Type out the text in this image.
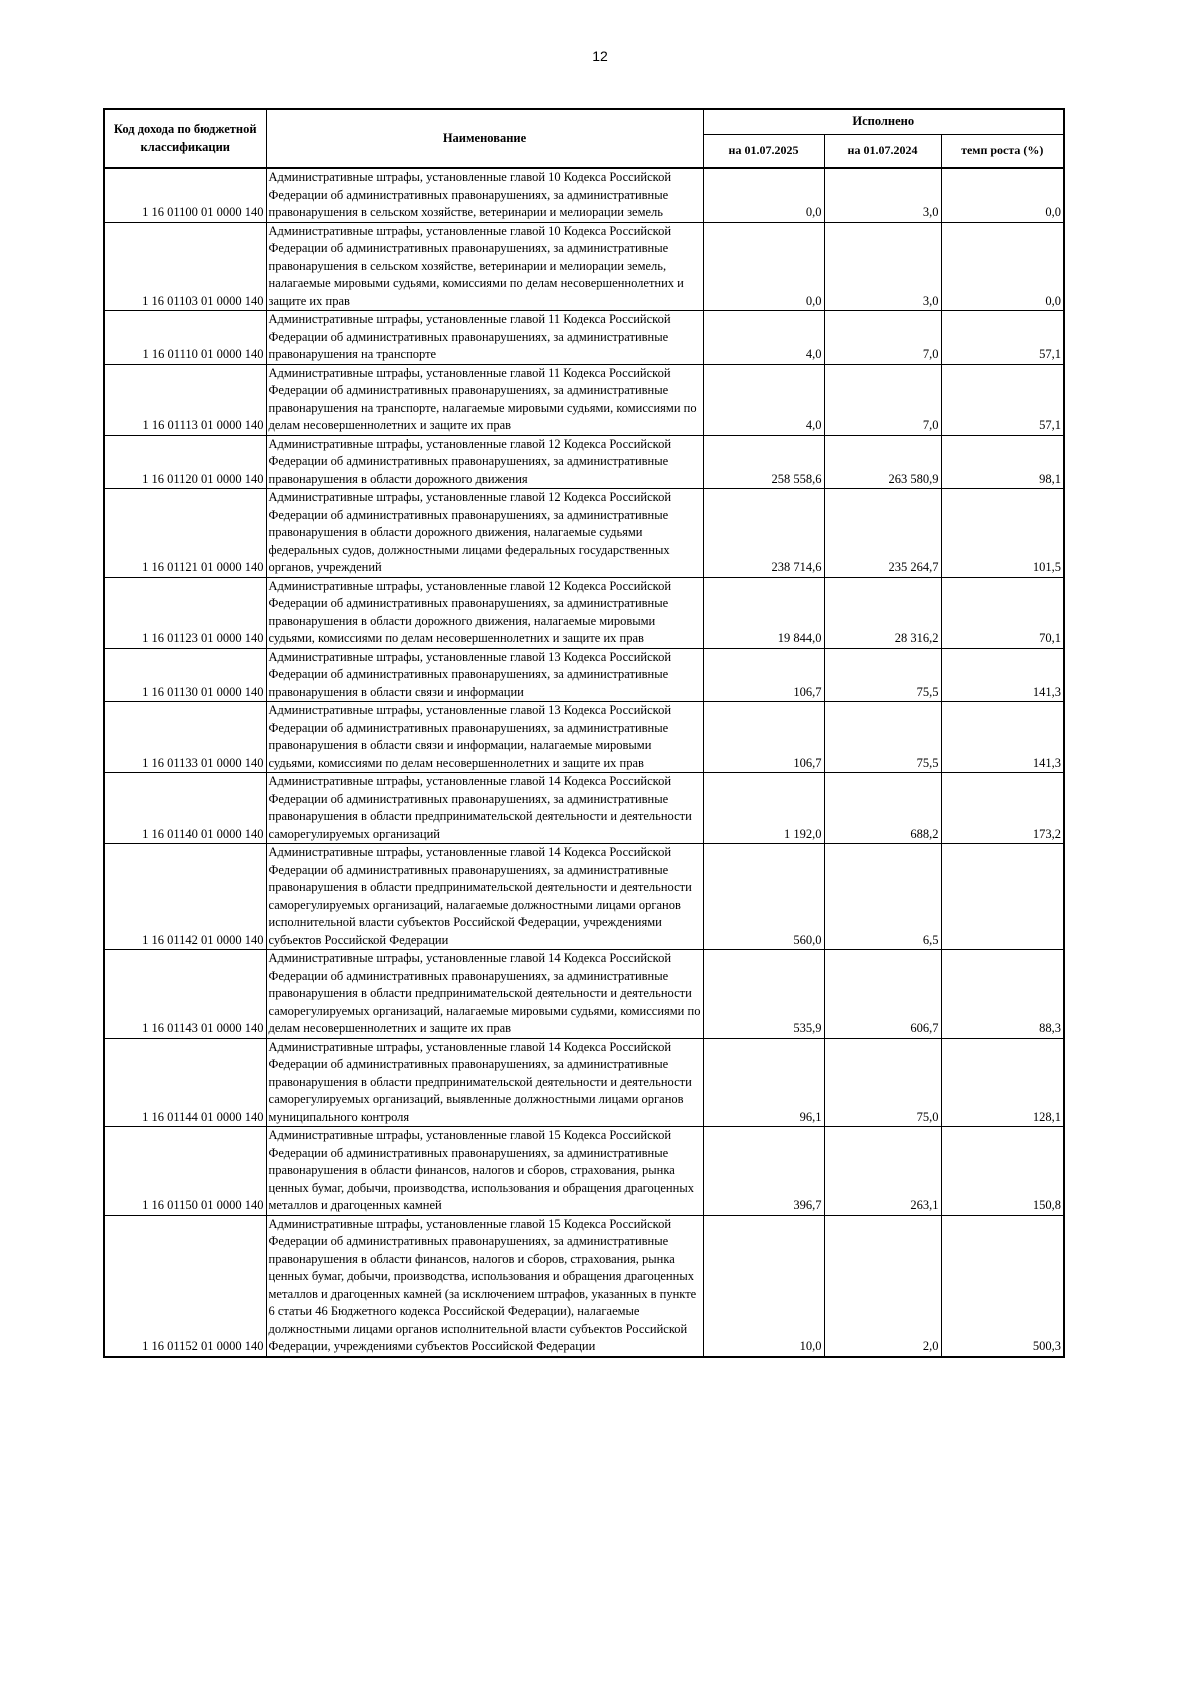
12
Код дохода по бюджетной классификации	Наименование	Исполнено		
		на 01.07.2025	на 01.07.2024	темп роста (%)
1 16 01100 01 0000 140	Административные штрафы, установленные главой 10 Кодекса Российской Федерации об административных правонарушениях, за административные правонарушения в сельском хозяйстве, ветеринарии и мелиорации земель	0,0	3,0	0,0
1 16 01103 01 0000 140	Административные штрафы, установленные главой 10 Кодекса Российской Федерации об административных правонарушениях, за административные правонарушения в сельском хозяйстве, ветеринарии и мелиорации земель, налагаемые мировыми судьями, комиссиями по делам несовершеннолетних и защите их прав	0,0	3,0	0,0
1 16 01110 01 0000 140	Административные штрафы, установленные главой 11 Кодекса Российской Федерации об административных правонарушениях, за административные правонарушения на транспорте	4,0	7,0	57,1
1 16 01113 01 0000 140	Административные штрафы, установленные главой 11 Кодекса Российской Федерации об административных правонарушениях, за административные правонарушения на транспорте, налагаемые мировыми судьями, комиссиями по делам несовершеннолетних и защите их прав	4,0	7,0	57,1
1 16 01120 01 0000 140	Административные штрафы, установленные главой 12 Кодекса Российской Федерации об административных правонарушениях, за административные правонарушения в области дорожного движения	258 558,6	263 580,9	98,1
1 16 01121 01 0000 140	Административные штрафы, установленные главой 12 Кодекса Российской Федерации об административных правонарушениях, за административные правонарушения в области дорожного движения, налагаемые судьями федеральных судов, должностными лицами федеральных государственных органов, учреждений	238 714,6	235 264,7	101,5
1 16 01123 01 0000 140	Административные штрафы, установленные главой 12 Кодекса Российской Федерации об административных правонарушениях, за административные правонарушения в области дорожного движения, налагаемые мировыми судьями, комиссиями по делам несовершеннолетних и защите их прав	19 844,0	28 316,2	70,1
1 16 01130 01 0000 140	Административные штрафы, установленные главой 13 Кодекса Российской Федерации об административных правонарушениях, за административные правонарушения в области связи и информации	106,7	75,5	141,3
1 16 01133 01 0000 140	Административные штрафы, установленные главой 13 Кодекса Российской Федерации об административных правонарушениях, за административные правонарушения в области связи и информации, налагаемые мировыми судьями, комиссиями по делам несовершеннолетних и защите их прав	106,7	75,5	141,3
1 16 01140 01 0000 140	Административные штрафы, установленные главой 14 Кодекса Российской Федерации об административных правонарушениях, за административные правонарушения в области предпринимательской деятельности и деятельности саморегулируемых организаций	1 192,0	688,2	173,2
1 16 01142 01 0000 140	Административные штрафы, установленные главой 14 Кодекса Российской Федерации об административных правонарушениях, за административные правонарушения в области предпринимательской деятельности и деятельности саморегулируемых организаций, налагаемые должностными лицами органов исполнительной власти субъектов Российской Федерации, учреждениями субъектов Российской Федерации	560,0	6,5	
1 16 01143 01 0000 140	Административные штрафы, установленные главой 14 Кодекса Российской Федерации об административных правонарушениях, за административные правонарушения в области предпринимательской деятельности и деятельности саморегулируемых организаций, налагаемые мировыми судьями, комиссиями по делам несовершеннолетних и защите их прав	535,9	606,7	88,3
1 16 01144 01 0000 140	Административные штрафы, установленные главой 14 Кодекса Российской Федерации об административных правонарушениях, за административные правонарушения в области предпринимательской деятельности и деятельности саморегулируемых организаций, выявленные должностными лицами органов муниципального контроля	96,1	75,0	128,1
1 16 01150 01 0000 140	Административные штрафы, установленные главой 15 Кодекса Российской Федерации об административных правонарушениях, за административные правонарушения в области финансов, налогов и сборов, страхования, рынка ценных бумаг, добычи, производства, использования и обращения драгоценных металлов и драгоценных камней	396,7	263,1	150,8
1 16 01152 01 0000 140	Административные штрафы, установленные главой 15 Кодекса Российской Федерации об административных правонарушениях, за административные правонарушения в области финансов, налогов и сборов, страхования, рынка ценных бумаг, добычи, производства, использования и обращения драгоценных металлов и драгоценных камней (за исключением штрафов, указанных в пункте 6 статьи 46 Бюджетного кодекса Российской Федерации), налагаемые должностными лицами органов исполнительной власти субъектов Российской Федерации, учреждениями субъектов Российской Федерации	10,0	2,0	500,3
